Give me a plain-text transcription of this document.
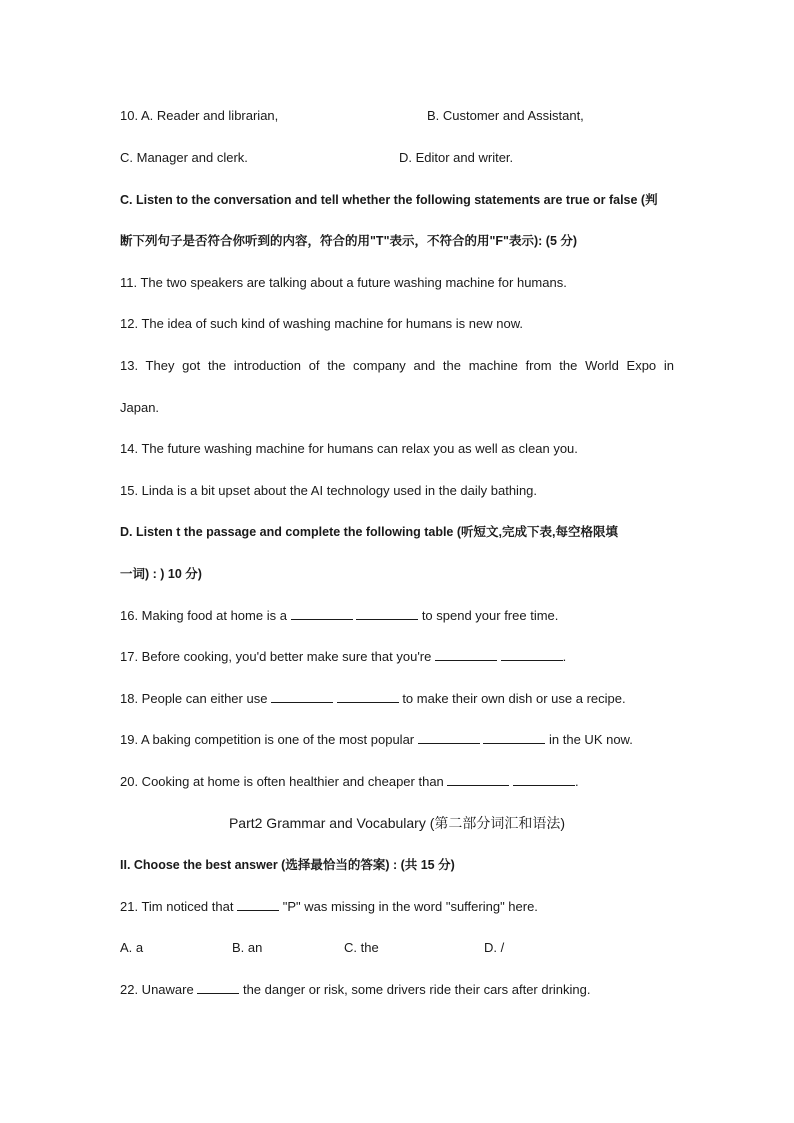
10. A. Reader and librarian,	B. Customer and Assistant,
C. Manager and clerk.	D. Editor and writer.
C. Listen to the conversation and tell whether the following statements are true or false (判
断下列句子是否符合你听到的内容，符合的用"T"表示，不符合的用"F"表示): (5 分)
11. The two speakers are talking about a future washing machine for humans.
12. The idea of such kind of washing machine for humans is new now.
13. They got the introduction of the company and the machine from the World Expo in
Japan.
14. The future washing machine for humans can relax you as well as clean you.
15. Linda is a bit upset about the AI technology used in the daily bathing.
D. Listen t the passage and complete the following table (听短文,完成下表,每空格限填
一词) : ) 10 分)
16. Making food at home is a	to spend your free time.
17. Before cooking, you'd better make sure that you're	.
18. People can either use	to make their own dish or use a recipe.
19. A baking competition is one of the most popular	in the UK now.
20. Cooking at home is often healthier and cheaper than	.
Part2 Grammar and Vocabulary (第二部分词汇和语法)
II. Choose the best answer (选择最恰当的答案) : (共 15 分)
21. Tim noticed that	"P" was missing in the word "suffering" here.
A. a	B. an	C. the	D. /
22. Unaware	the danger or risk, some drivers ride their cars after drinking.
